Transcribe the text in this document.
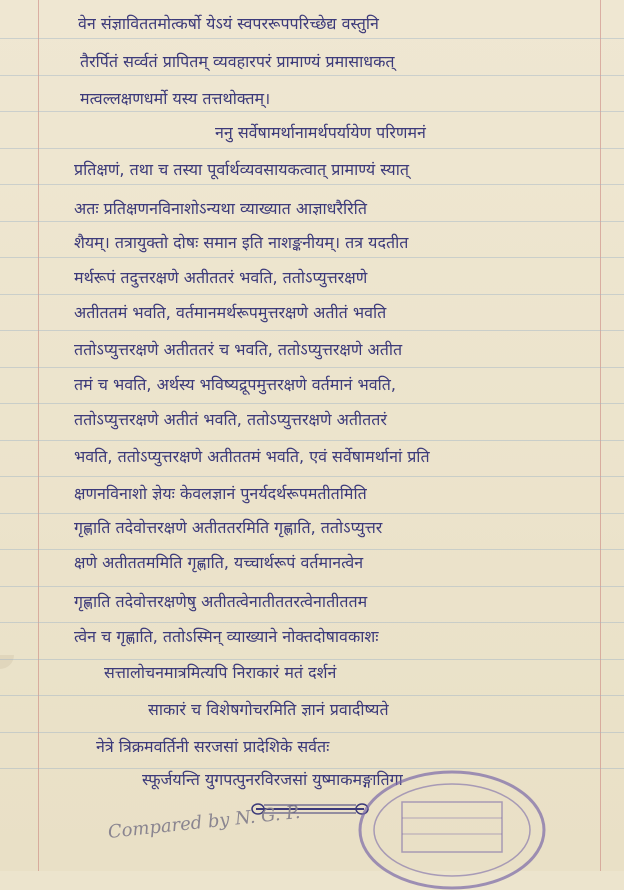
वेन संज्ञाविततमोत्कर्षो येऽयं स्वपररूपपरिच्छेद्य वस्तुनि
तैरर्पितं सर्व्वतं प्रापितम् व्यवहारपरं प्रामाण्यं प्रमासाधकत्
मत्वल्लक्षणधर्मो यस्य तत्तथोक्तम्।
ननु सर्वेषामर्थानामर्थपर्यायेण परिणमनं
प्रतिक्षणं, तथा च तस्या पूर्वार्थव्यवसायकत्वात् प्रामाण्यं स्यात्
अतः प्रतिक्षणनविनाशोऽन्यथा व्याख्यात आज्ञाधरैरिति
शैयम्। तत्रायुक्तो दोषः समान इति नाशङ्कनीयम्। तत्र यदतीत
मर्थरूपं तदुत्तरक्षणे अतीततरं भवति, ततोऽप्युत्तरक्षणे
अतीततमं भवति, वर्तमानमर्थरूपमुत्तरक्षणे अतीतं भवति
ततोऽप्युत्तरक्षणे अतीततरं च भवति, ततोऽप्युत्तरक्षणे अतीत
तमं च भवति, अर्थस्य भविष्यद्रूपमुत्तरक्षणे वर्तमानं भवति,
ततोऽप्युत्तरक्षणे अतीतं भवति, ततोऽप्युत्तरक्षणे अतीततरं
भवति, ततोऽप्युत्तरक्षणे अतीततमं भवति, एवं सर्वेषामर्थानां प्रति
क्षणनविनाशो ज्ञेयः केवलज्ञानं पुनर्यदर्थरूपमतीतमिति
गृह्णाति तदेवोत्तरक्षणे अतीततरमिति गृह्णाति, ततोऽप्युत्तर
क्षणे अतीततममिति गृह्णाति, यच्चार्थरूपं वर्तमानत्वेन
गृह्णाति तदेवोत्तरक्षणेषु अतीतत्वेनातीततरत्वेनातीततम
त्वेन च गृह्णाति, ततोऽस्मिन् व्याख्याने नोक्तदोषावकाशः
सत्तालोचनमात्रमित्यपि निराकारं मतं दर्शनं
साकारं च विशेषगोचरमिति ज्ञानं प्रवादीष्यते
नेत्रे त्रिक्रमवर्तिनी सरजसां प्रादेशिके सर्वतः
स्फूर्जयन्ति युगपत्पुनरविरजसां युष्माकमङ्गातिगा
Compared by N. G. P.
